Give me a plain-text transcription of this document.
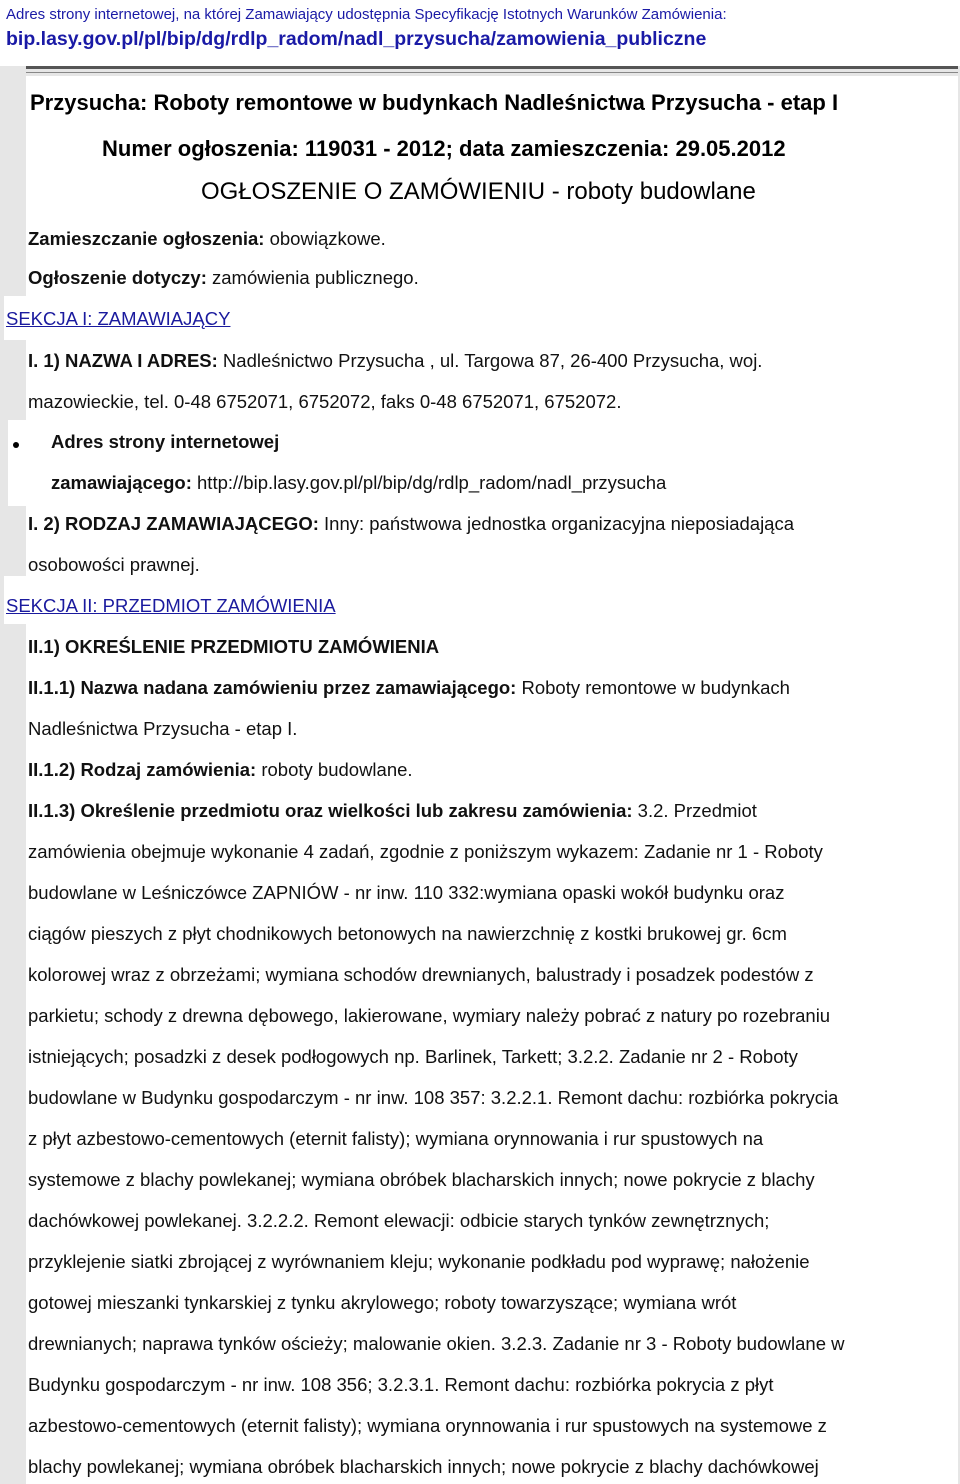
Adres strony internetowej, na której Zamawiający udostępnia Specyfikację Istotnych Warunków Zamówienia:
bip.lasy.gov.pl/pl/bip/dg/rdlp_radom/nadl_przysucha/zamowienia_publiczne
Przysucha: Roboty remontowe w budynkach Nadleśnictwa Przysucha - etap I
Numer ogłoszenia: 119031 - 2012; data zamieszczenia: 29.05.2012
OGŁOSZENIE O ZAMÓWIENIU - roboty budowlane
Zamieszczanie ogłoszenia: obowiązkowe.
Ogłoszenie dotyczy: zamówienia publicznego.
SEKCJA I: ZAMAWIAJĄCY
I. 1) NAZWA I ADRES: Nadleśnictwo Przysucha , ul. Targowa 87, 26-400 Przysucha, woj.
mazowieckie, tel. 0-48 6752071, 6752072, faks 0-48 6752071, 6752072.
Adres strony internetowej
zamawiającego: http://bip.lasy.gov.pl/pl/bip/dg/rdlp_radom/nadl_przysucha
I. 2) RODZAJ ZAMAWIAJĄCEGO: Inny: państwowa jednostka organizacyjna nieposiadająca
osobowości prawnej.
SEKCJA II: PRZEDMIOT ZAMÓWIENIA
II.1) OKREŚLENIE PRZEDMIOTU ZAMÓWIENIA
II.1.1) Nazwa nadana zamówieniu przez zamawiającego: Roboty remontowe w budynkach
Nadleśnictwa Przysucha - etap I.
II.1.2) Rodzaj zamówienia: roboty budowlane.
II.1.3) Określenie przedmiotu oraz wielkości lub zakresu zamówienia: 3.2. Przedmiot
zamówienia obejmuje wykonanie 4 zadań, zgodnie z poniższym wykazem: Zadanie nr 1 - Roboty
budowlane w Leśniczówce ZAPNIÓW - nr inw. 110 332:wymiana opaski wokół budynku oraz
ciągów pieszych z płyt chodnikowych betonowych na nawierzchnię z kostki brukowej gr. 6cm
kolorowej wraz z obrzeżami; wymiana schodów drewnianych, balustrady i posadzek podestów z
parkietu; schody z drewna dębowego, lakierowane, wymiary należy pobrać z natury po rozebraniu
istniejących; posadzki z desek podłogowych np. Barlinek, Tarkett; 3.2.2. Zadanie nr 2 - Roboty
budowlane w Budynku gospodarczym - nr inw. 108 357: 3.2.2.1. Remont dachu: rozbiórka pokrycia
z płyt azbestowo-cementowych (eternit falisty); wymiana orynnowania i rur spustowych na
systemowe z blachy powlekanej; wymiana obróbek blacharskich innych; nowe pokrycie z blachy
dachówkowej powlekanej. 3.2.2.2. Remont elewacji: odbicie starych tynków zewnętrznych;
przyklejenie siatki zbrojącej z wyrównaniem kleju; wykonanie podkładu pod wyprawę; nałożenie
gotowej mieszanki tynkarskiej z tynku akrylowego; roboty towarzyszące; wymiana wrót
drewnianych; naprawa tynków ościeży; malowanie okien. 3.2.3. Zadanie nr 3 - Roboty budowlane w
Budynku gospodarczym - nr inw. 108 356; 3.2.3.1. Remont dachu: rozbiórka pokrycia z płyt
azbestowo-cementowych (eternit falisty); wymiana orynnowania i rur spustowych na systemowe z
blachy powlekanej; wymiana obróbek blacharskich innych; nowe pokrycie z blachy dachówkowej
